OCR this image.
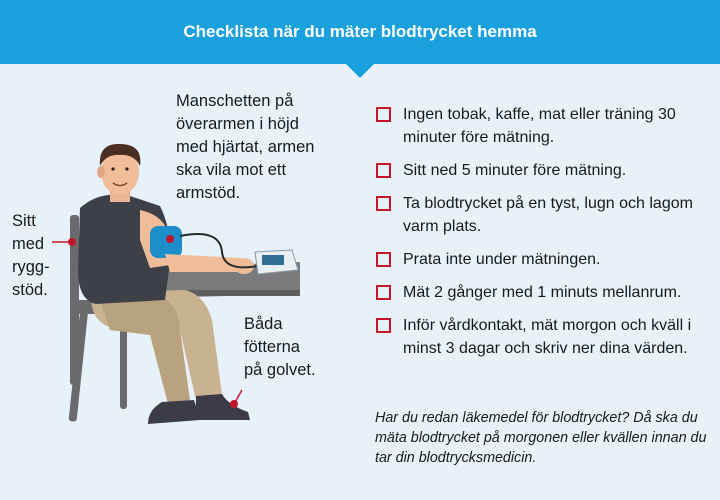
Checklista när du mäter blodtrycket hemma
Manschetten på
överarmen i höjd
med hjärtat, armen
ska vila mot ett
armstöd.
Sitt
med
rygg-
stöd.
Båda
fötterna
på golvet.
Ingen tobak, kaffe, mat eller träning 30 minuter före mätning.
Sitt ned 5 minuter före mätning.
Ta blodtrycket på en tyst, lugn och lagom varm plats.
Prata inte under mätningen.
Mät 2 gånger med 1 minuts mellanrum.
Inför vårdkontakt, mät morgon och kväll i minst 3 dagar och skriv ner dina värden.
Har du redan läkemedel för blodtrycket? Då ska du mäta blodtrycket på morgonen eller kvällen innan du tar din blodtrycksmedicin.
